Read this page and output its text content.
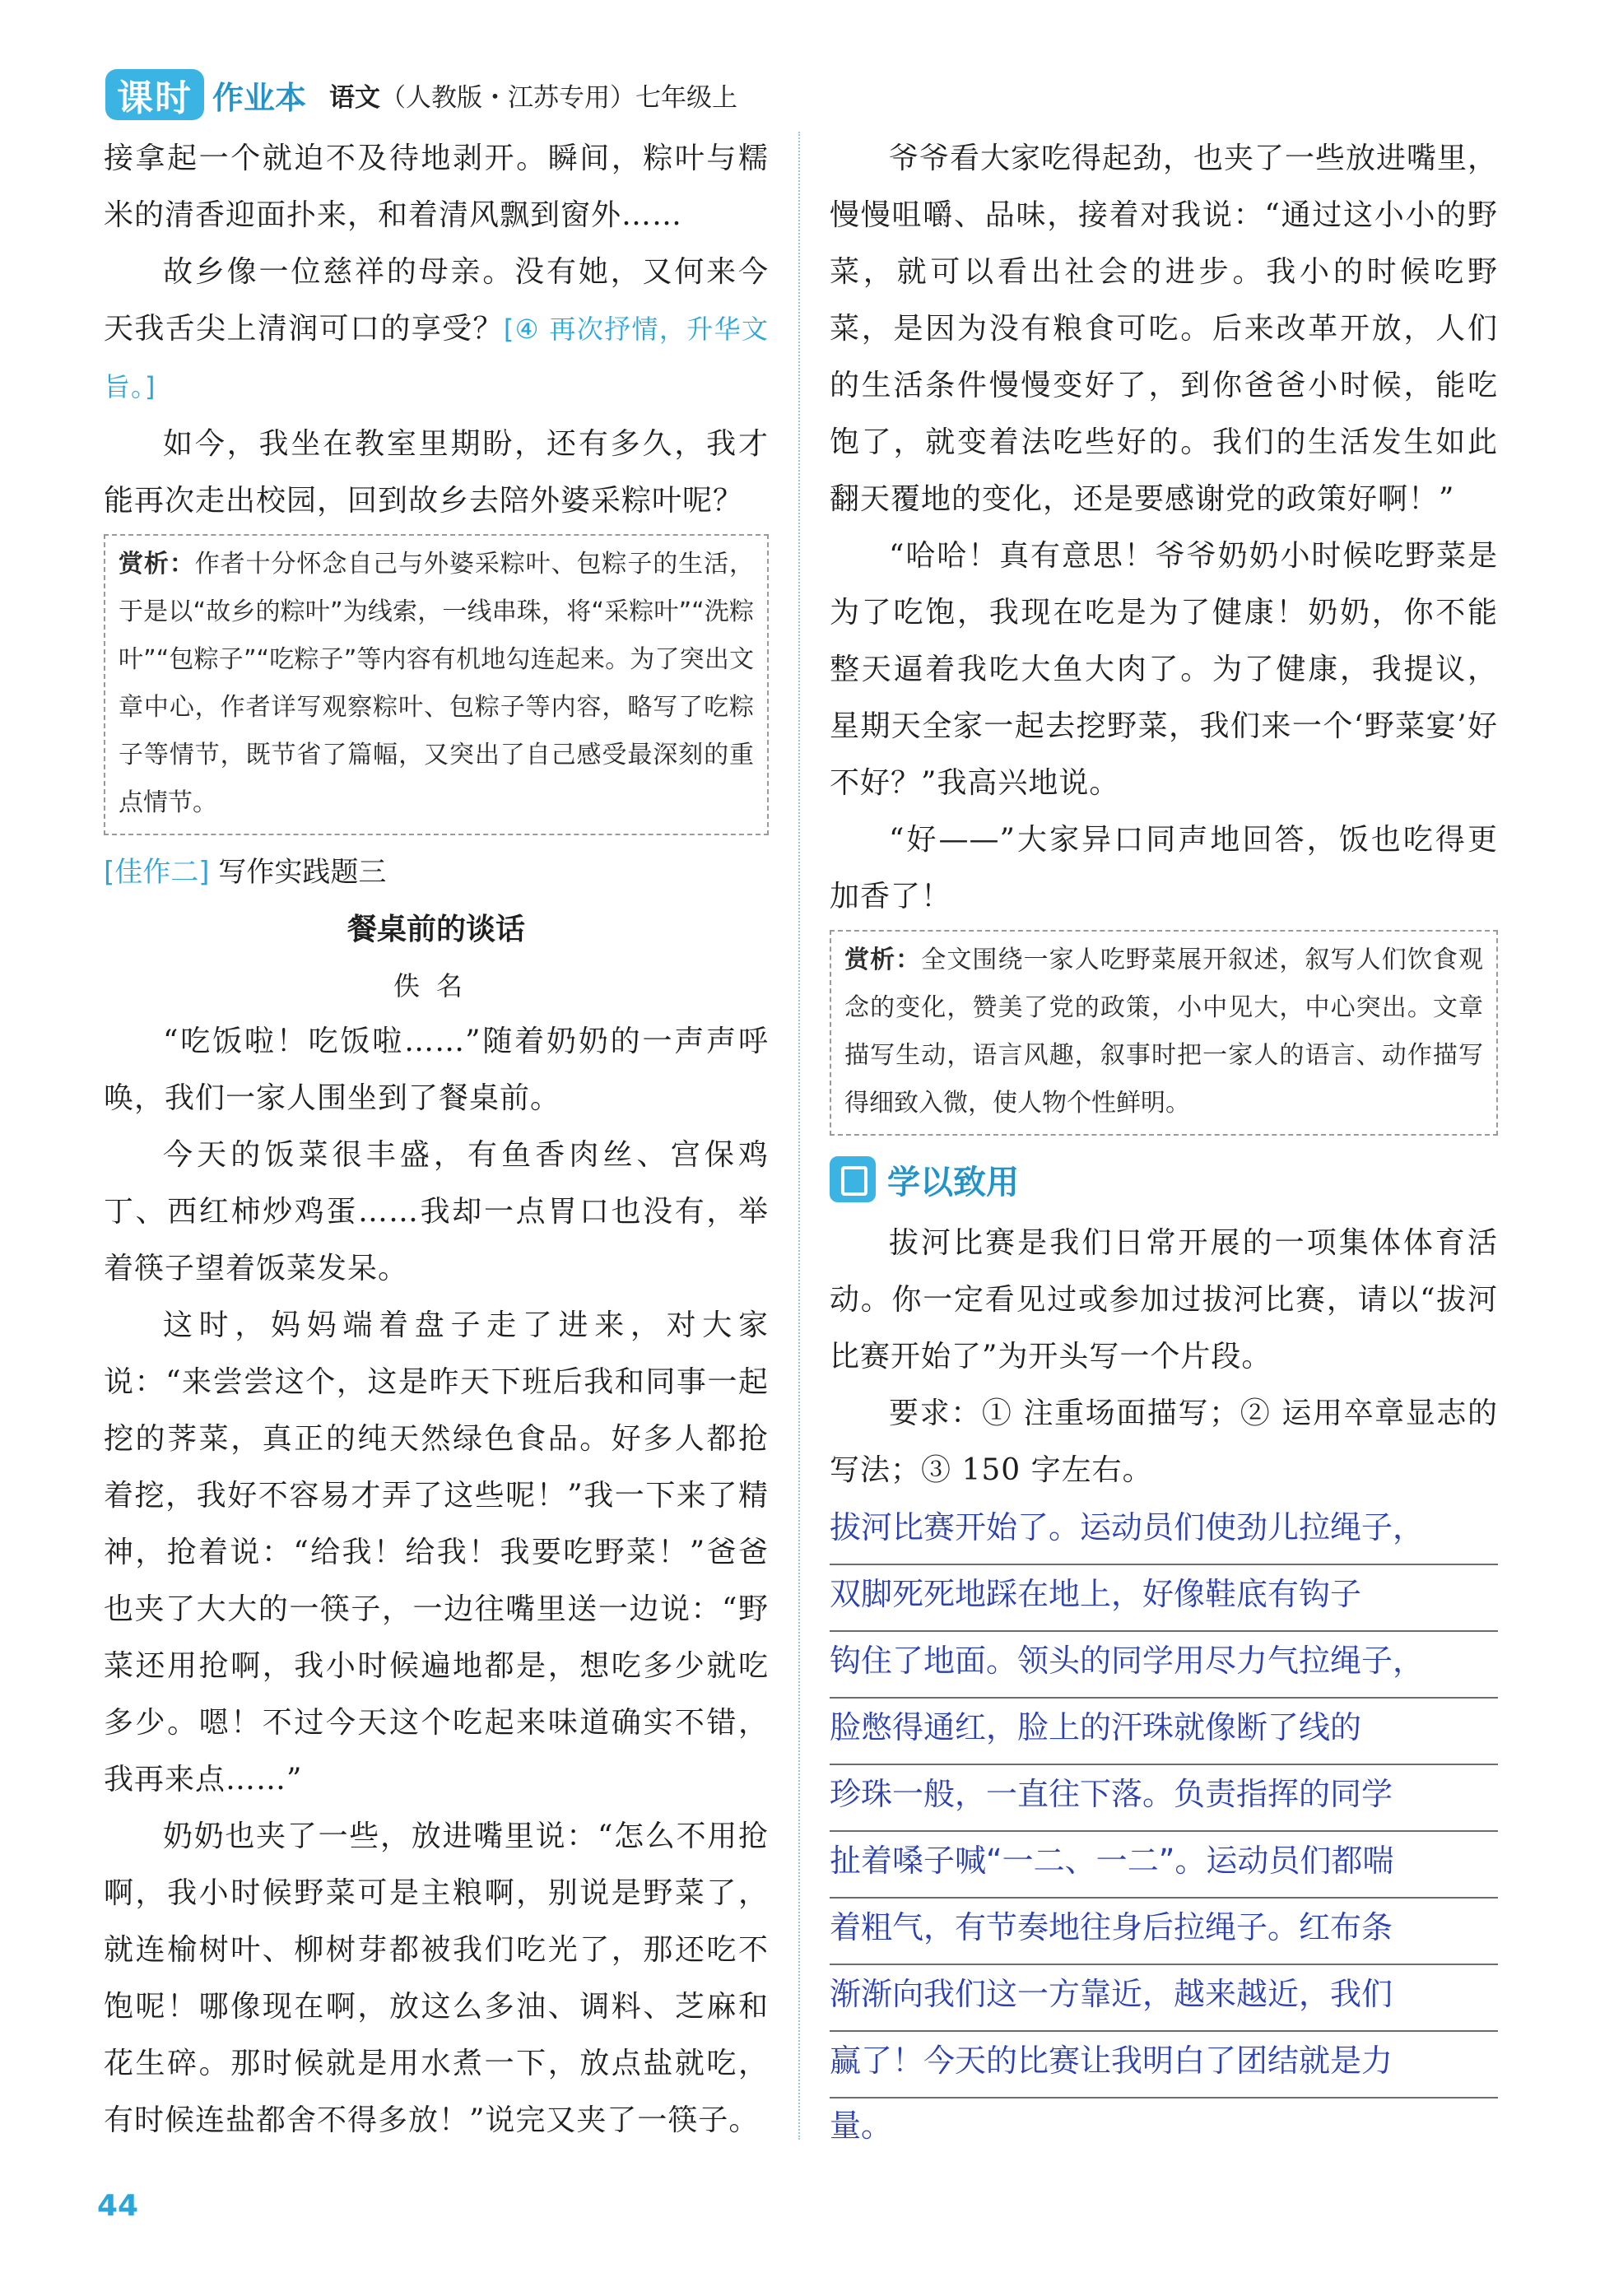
课时 作业本 语文（人教版・江苏专用）七年级上

接拿起一个就迫不及待地剥开。瞬间，粽叶与糯米的清香迎面扑来，和着清风飘到窗外……

故乡像一位慈祥的母亲。没有她，又何来今天我舌尖上清润可口的享受？[④ 再次抒情，升华文旨。]

如今，我坐在教室里期盼，还有多久，我才能再次走出校园，回到故乡去陪外婆采粽叶呢？

赏析：作者十分怀念自己与外婆采粽叶、包粽子的生活，于是以“故乡的粽叶”为线索，一线串珠，将“采粽叶”“洗粽叶”“包粽子”“吃粽子”等内容有机地勾连起来。为了突出文章中心，作者详写观察粽叶、包粽子等内容，略写了吃粽子等情节，既节省了篇幅，又突出了自己感受最深刻的重点情节。
[佳作二] 写作实践题三
餐桌前的谈话
佚名

“吃饭啦！吃饭啦……”随着奶奶的一声声呼唤，我们一家人围坐到了餐桌前。

今天的饭菜很丰盛，有鱼香肉丝、宫保鸡丁、西红柿炒鸡蛋……我却一点胃口也没有，举着筷子望着饭菜发呆。

这时，妈妈端着盘子走了进来，对大家说：“来尝尝这个，这是昨天下班后我和同事一起挖的荠菜，真正的纯天然绿色食品。好多人都抢着挖，我好不容易才弄了这些呢！”我一下来了精神，抢着说：“给我！给我！我要吃野菜！”爸爸也夹了大大的一筷子，一边往嘴里送一边说：“野菜还用抢啊，我小时候遍地都是，想吃多少就吃多少。嗯！不过今天这个吃起来味道确实不错，我再来点……”

奶奶也夹了一些，放进嘴里说：“怎么不用抢啊，我小时候野菜可是主粮啊，别说是野菜了，就连榆树叶、柳树芽都被我们吃光了，那还吃不饱呢！哪像现在啊，放这么多油、调料、芝麻和花生碎。那时候就是用水煮一下，放点盐就吃，有时候连盐都舍不得多放！”说完又夹了一筷子。

爷爷看大家吃得起劲，也夹了一些放进嘴里，慢慢咀嚼、品味，接着对我说：“通过这小小的野菜，就可以看出社会的进步。我小的时候吃野菜，是因为没有粮食可吃。后来改革开放，人们的生活条件慢慢变好了，到你爸爸小时候，能吃饱了，就变着法吃些好的。我们的生活发生如此翻天覆地的变化，还是要感谢党的政策好啊！”

“哈哈！真有意思！爷爷奶奶小时候吃野菜是为了吃饱，我现在吃是为了健康！奶奶，你不能整天逼着我吃大鱼大肉了。为了健康，我提议，星期天全家一起去挖野菜，我们来一个‘野菜宴’好不好？”我高兴地说。

“好——”大家异口同声地回答，饭也吃得更加香了！

赏析：全文围绕一家人吃野菜展开叙述，叙写人们饮食观念的变化，赞美了党的政策，小中见大，中心突出。文章描写生动，语言风趣，叙事时把一家人的语言、动作描写得细致入微，使人物个性鲜明。
学以致用

拔河比赛是我们日常开展的一项集体体育活动。你一定看见过或参加过拔河比赛，请以“拔河比赛开始了”为开头写一个片段。

要求：① 注重场面描写；② 运用卒章显志的写法；③ 150 字左右。

拔河比赛开始了。运动员们使劲儿拉绳子，
双脚死死地踩在地上，好像鞋底有钩子
钩住了地面。领头的同学用尽力气拉绳子，
脸憋得通红，脸上的汗珠就像断了线的
珍珠一般，一直往下落。负责指挥的同学
扯着嗓子喊“一二、一二”。运动员们都喘
着粗气，有节奏地往身后拉绳子。红布条
渐渐向我们这一方靠近，越来越近，我们
赢了！今天的比赛让我明白了团结就是力
量。
44
